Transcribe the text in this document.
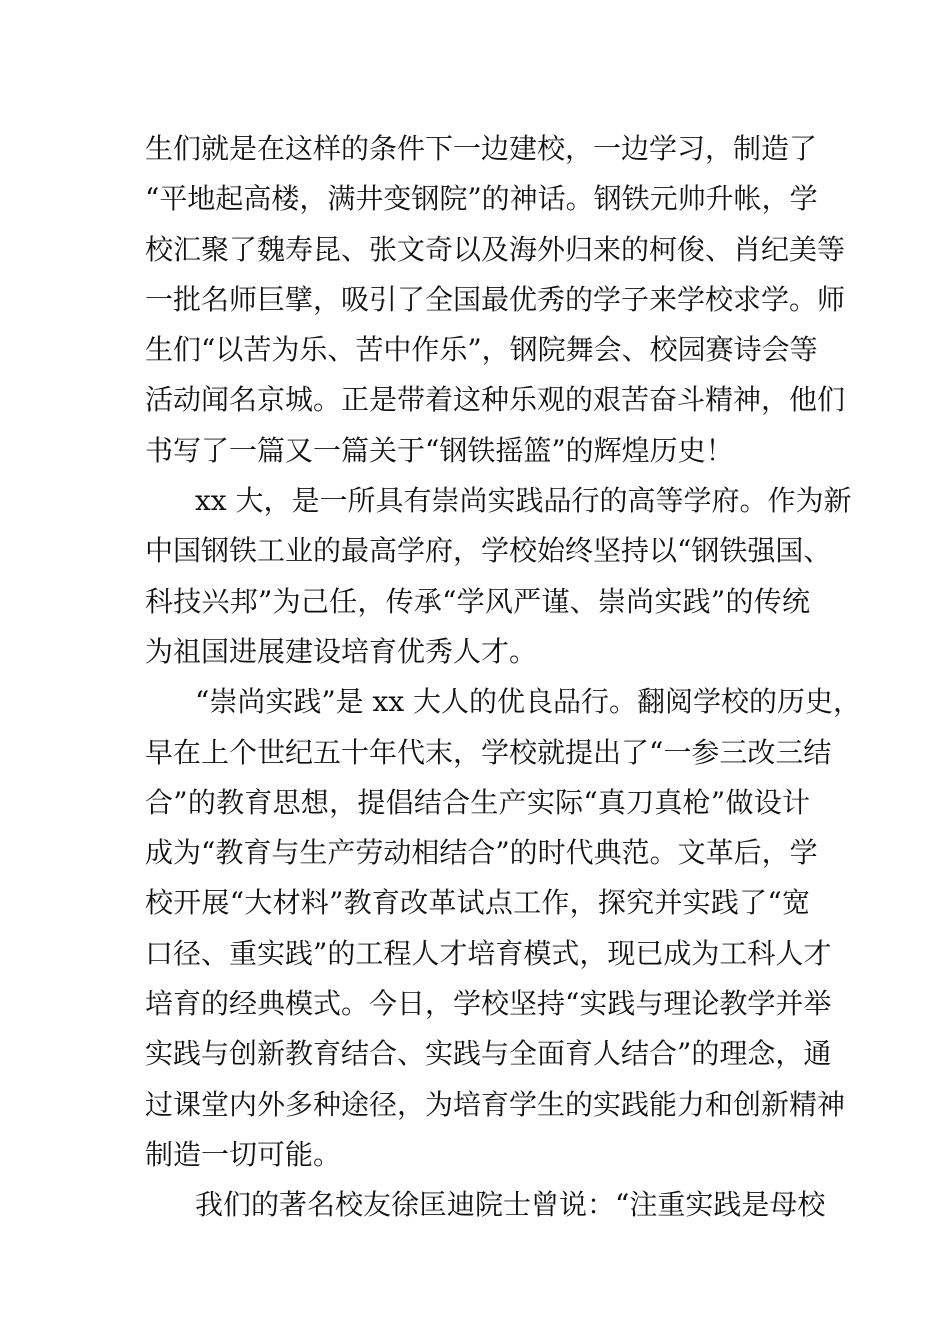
生们就是在这样的条件下一边建校，一边学习，制造了
“平地起高楼，满井变钢院”的神话。钢铁元帅升帐，学
校汇聚了魏寿昆、张文奇以及海外归来的柯俊、肖纪美等
一批名师巨擘，吸引了全国最优秀的学子来学校求学。师
生们“以苦为乐、苦中作乐”，钢院舞会、校园赛诗会等
活动闻名京城。正是带着这种乐观的艰苦奋斗精神，他们
书写了一篇又一篇关于“钢铁摇篮”的辉煌历史！
xx 大，是一所具有崇尚实践品行的高等学府。作为新
中国钢铁工业的最高学府，学校始终坚持以“钢铁强国、
科技兴邦”为己任，传承“学风严谨、崇尚实践”的传统
为祖国进展建设培育优秀人才。
“崇尚实践”是 xx 大人的优良品行。翻阅学校的历史，
早在上个世纪五十年代末，学校就提出了“一参三改三结
合”的教育思想，提倡结合生产实际“真刀真枪”做设计
成为“教育与生产劳动相结合”的时代典范。文革后，学
校开展“大材料”教育改革试点工作，探究并实践了“宽
口径、重实践”的工程人才培育模式，现已成为工科人才
培育的经典模式。今日，学校坚持“实践与理论教学并举
实践与创新教育结合、实践与全面育人结合”的理念，通
过课堂内外多种途径，为培育学生的实践能力和创新精神
制造一切可能。
我们的著名校友徐匡迪院士曾说：“注重实践是母校
